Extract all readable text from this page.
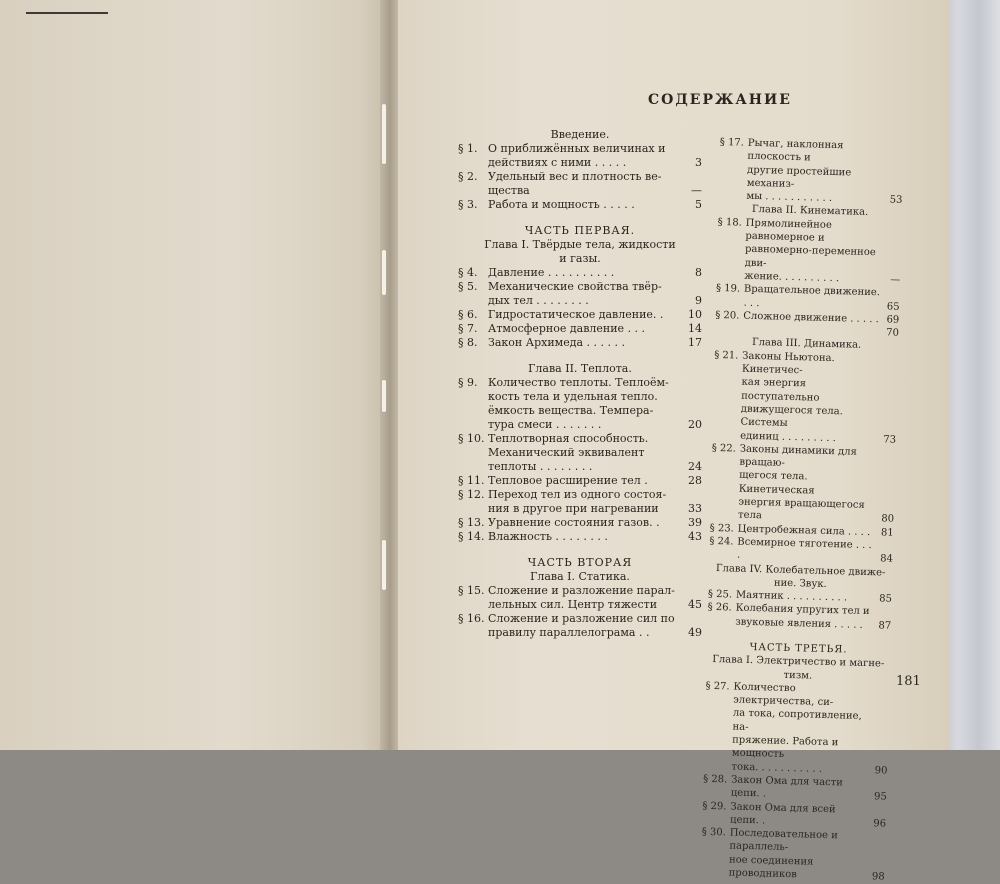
СОДЕРЖАНИЕ
Введение.
§ 1. О приближённых величинах и
действиях с ними . . . . .	3
§ 2. Удельный вес и плотность ве-
щества	—
§ 3. Работа и мощность . . . . .	5
ЧАСТЬ ПЕРВАЯ.
Глава I. Твёрдые тела, жидкости
и газы.
§ 4. Давление . . . . . . . . . .	8
§ 5. Механические свойства твёр-
дых тел . . . . . . . .	9
§ 6. Гидростатическое давление. .	10
§ 7. Атмосферное давление . . .	14
§ 8. Закон Архимеда . . . . . .	17
Глава II. Теплота.
§ 9. Количество теплоты. Теплоём-
кость тела и удельная тепло.
ёмкость вещества. Темпера-
тура смеси . . . . . . .	20
§ 10. Теплотворная способность.
Механический эквивалент
теплоты . . . . . . . .	24
§ 11. Тепловое расширение тел .	28
§ 12. Переход тел из одного состоя-
ния в другое при нагревании	33
§ 13. Уравнение состояния газов. .	39
§ 14. Влажность . . . . . . . .	43
ЧАСТЬ ВТОРАЯ
Глава I. Статика.
§ 15. Сложение и разложение парал-
лельных сил. Центр тяжести	45
§ 16. Сложение и разложение сил по
правилу параллелограма . .	49
§ 17. Рычаг, наклонная плоскость и
другие простейшие механиз-
мы . . . . . . . . . . .	53
Глава II. Кинематика.
§ 18. Прямолинейное равномерное и
равномерно-переменное дви-
жение. . . . . . . . . .	—
§ 19. Вращательное движение. . . .	65
§ 20. Сложное движение . . . . . 69
70
Глава III. Динамика.
§ 21. Законы Ньютона. Кинетичес-
кая энергия поступательно
движущегося тела. Системы
единиц . . . . . . . . .	73
§ 22. Законы динамики для вращаю-
щегося тела. Кинетическая
энергия вращающегося тела	80
§ 23. Центробежная сила . . . .	81
§ 24. Всемирное тяготение . . . .	84
Глава IV. Колебательное движе-
ние. Звук.
§ 25. Маятник . . . . . . . . . .	85
§ 26. Колебания упругих тел и
звуковые явления . . . . .	87
ЧАСТЬ ТРЕТЬЯ.
Глава I. Электричество и магне-
тизм.
§ 27. Количество электричества, си-
ла тока, сопротивление, на-
пряжение. Работа и мощность
тока. . . . . . . . . . .	90
§ 28. Закон Ома для части цепи. .	95
§ 29. Закон Ома для всей цепи. .	96
§ 30. Последовательное и параллель-
ное соединения проводников	98
181
